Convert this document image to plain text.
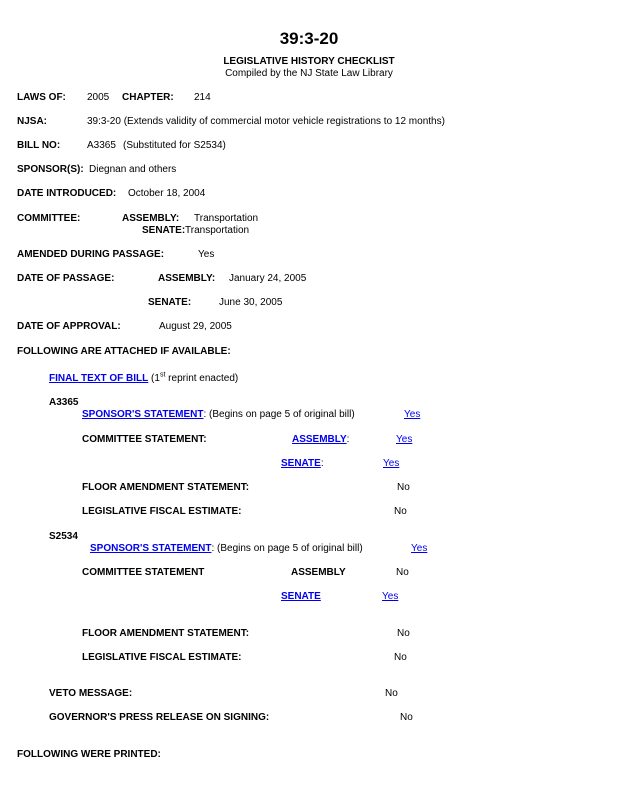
39:3-20
LEGISLATIVE HISTORY CHECKLIST
Compiled by the NJ State Law Library
LAWS OF: 2005 CHAPTER: 214
NJSA:	39:3-20 (Extends validity of commercial motor vehicle registrations to 12 months)
BILL NO:	A3365 (Substituted for S2534)
SPONSOR(S): Diegnan and others
DATE INTRODUCED: October 18, 2004
COMMITTEE:	ASSEMBLY: Transportation
SENATE: Transportation
AMENDED DURING PASSAGE:	Yes
DATE OF PASSAGE:	ASSEMBLY: January 24, 2005
SENATE:	June 30, 2005
DATE OF APPROVAL:	August 29, 2005
FOLLOWING ARE ATTACHED IF AVAILABLE:
FINAL TEXT OF BILL (1st reprint enacted)
A3365
SPONSOR'S STATEMENT: (Begins on page 5 of original bill)	Yes
COMMITTEE STATEMENT:	ASSEMBLY:	Yes
SENATE:	Yes
FLOOR AMENDMENT STATEMENT:	No
LEGISLATIVE FISCAL ESTIMATE:	No
S2534
SPONSOR'S STATEMENT: (Begins on page 5 of original bill)	Yes
COMMITTEE STATEMENT	ASSEMBLY	No
SENATE	Yes
FLOOR AMENDMENT STATEMENT:	No
LEGISLATIVE FISCAL ESTIMATE:	No
VETO MESSAGE:	No
GOVERNOR'S PRESS RELEASE ON SIGNING:	No
FOLLOWING WERE PRINTED:
